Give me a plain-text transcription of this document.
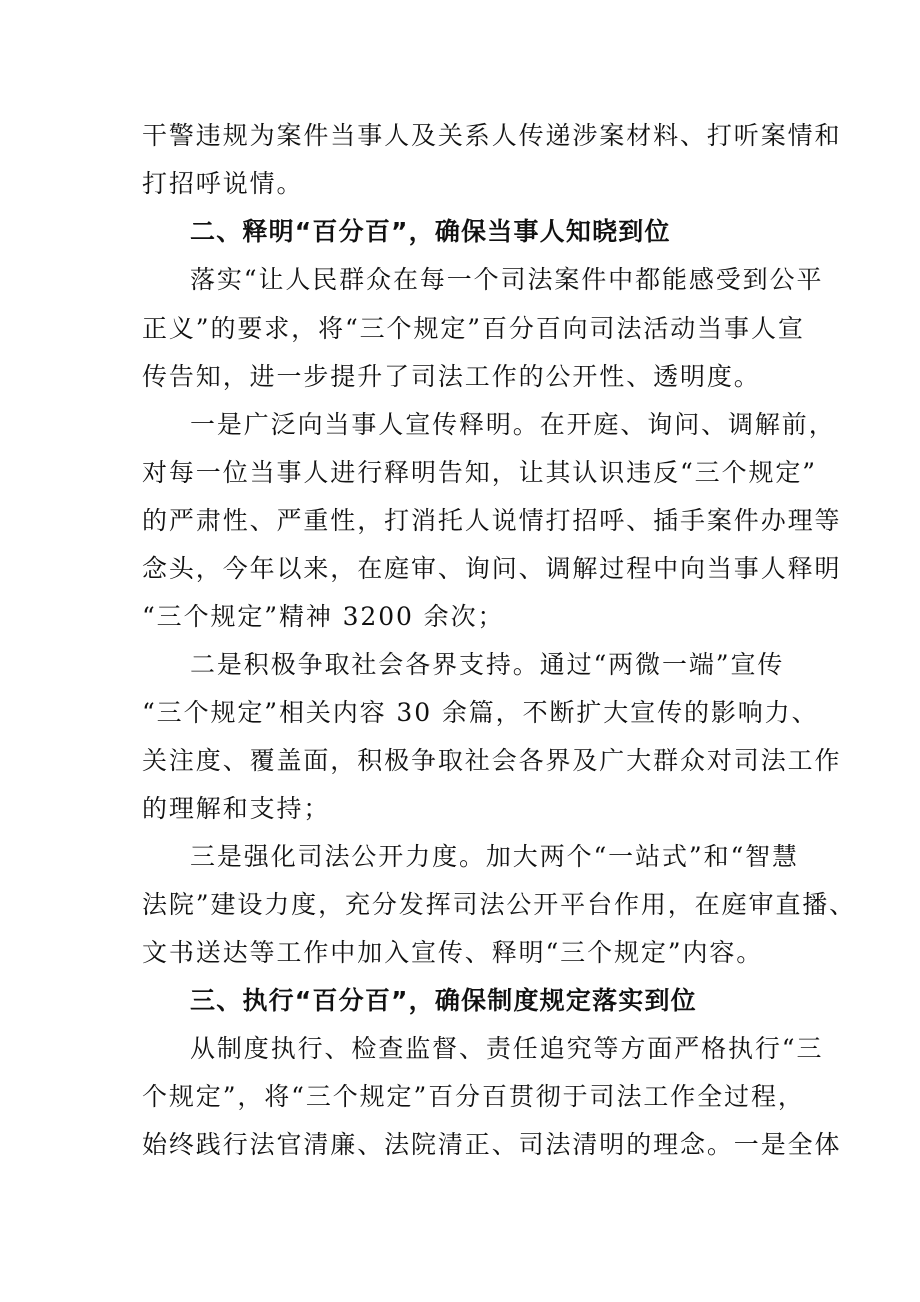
干警违规为案件当事人及关系人传递涉案材料、打听案情和
打招呼说情。
二、释明“百分百”，确保当事人知晓到位
落实“让人民群众在每一个司法案件中都能感受到公平
正义”的要求，将“三个规定”百分百向司法活动当事人宣
传告知，进一步提升了司法工作的公开性、透明度。
一是广泛向当事人宣传释明。在开庭、询问、调解前，
对每一位当事人进行释明告知，让其认识违反“三个规定”
的严肃性、严重性，打消托人说情打招呼、插手案件办理等
念头，今年以来，在庭审、询问、调解过程中向当事人释明
“三个规定”精神 3200 余次；
二是积极争取社会各界支持。通过“两微一端”宣传
“三个规定”相关内容 30 余篇，不断扩大宣传的影响力、
关注度、覆盖面，积极争取社会各界及广大群众对司法工作
的理解和支持；
三是强化司法公开力度。加大两个“一站式”和“智慧
法院”建设力度，充分发挥司法公开平台作用，在庭审直播、
文书送达等工作中加入宣传、释明“三个规定”内容。
三、执行“百分百”，确保制度规定落实到位
从制度执行、检查监督、责任追究等方面严格执行“三
个规定”，将“三个规定”百分百贯彻于司法工作全过程，
始终践行法官清廉、法院清正、司法清明的理念。一是全体
